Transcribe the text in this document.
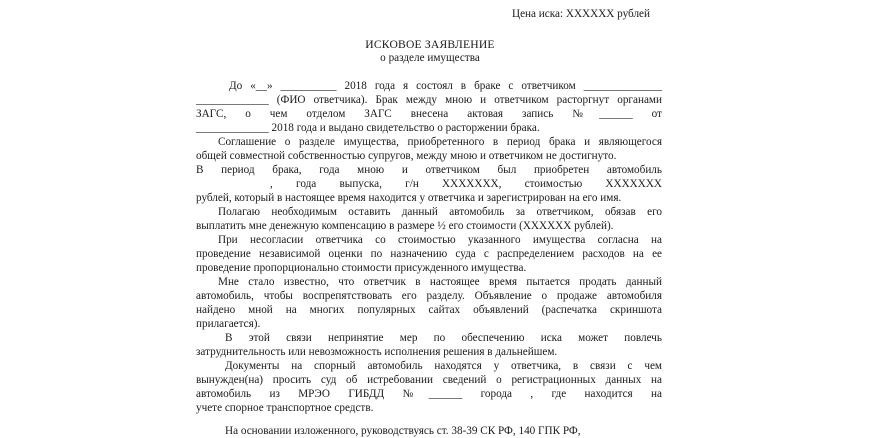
Цена иска: ХХХХХХ рублей
ИСКОВОЕ ЗАЯВЛЕНИЕ
о разделе имущества
До «__» __________ 2018 года я состоял в браке с ответчиком ______________
_____________ (ФИО ответчика). Брак между мною и ответчиком расторгнут органами
ЗАГС, о чем отделом ЗАГС внесена актовая запись №______ от
_____________ 2018 года и выдано свидетельство о расторжении брака.
Соглашение о разделе имущества, приобретенного в период брака и являющегося
общей совместной собственностью супругов, между мною и ответчиком не достигнуто.
В период брака, года мною и ответчиком был приобретен автомобиль
, года выпуска, г/н ХХХХХХХ, стоимостью ХХХХХХХ
рублей, который в настоящее время находится у ответчика и зарегистрирован на его имя.
Полагаю необходимым оставить данный автомобиль за ответчиком, обязав его
выплатить мне денежную компенсацию в размере ½ его стоимости (ХХХХХХ рублей).
При несогласии ответчика со стоимостью указанного имущества согласна на
проведение независимой оценки по назначению суда с распределением расходов на ее
проведение пропорционально стоимости присужденного имущества.
Мне стало известно, что ответчик в настоящее время пытается продать данный
автомобиль, чтобы воспрепятствовать его разделу. Объявление о продаже автомобиля
найдено мной на многих популярных сайтах объявлений (распечатка скриншота
прилагается).
В этой связи непринятие мер по обеспечению иска может повлечь
затруднительность или невозможность исполнения решения в дальнейшем.
Документы на спорный автомобиль находятся у ответчика, в связи с чем
вынужден(на) просить суд об истребовании сведений о регистрационных данных на
автомобиль из МРЭО ГИБДД №______ города , где находится на
учете спорное транспортное средств.
На основании изложенного, руководствуясь ст. 38-39 СК РФ, 140 ГПК РФ,
